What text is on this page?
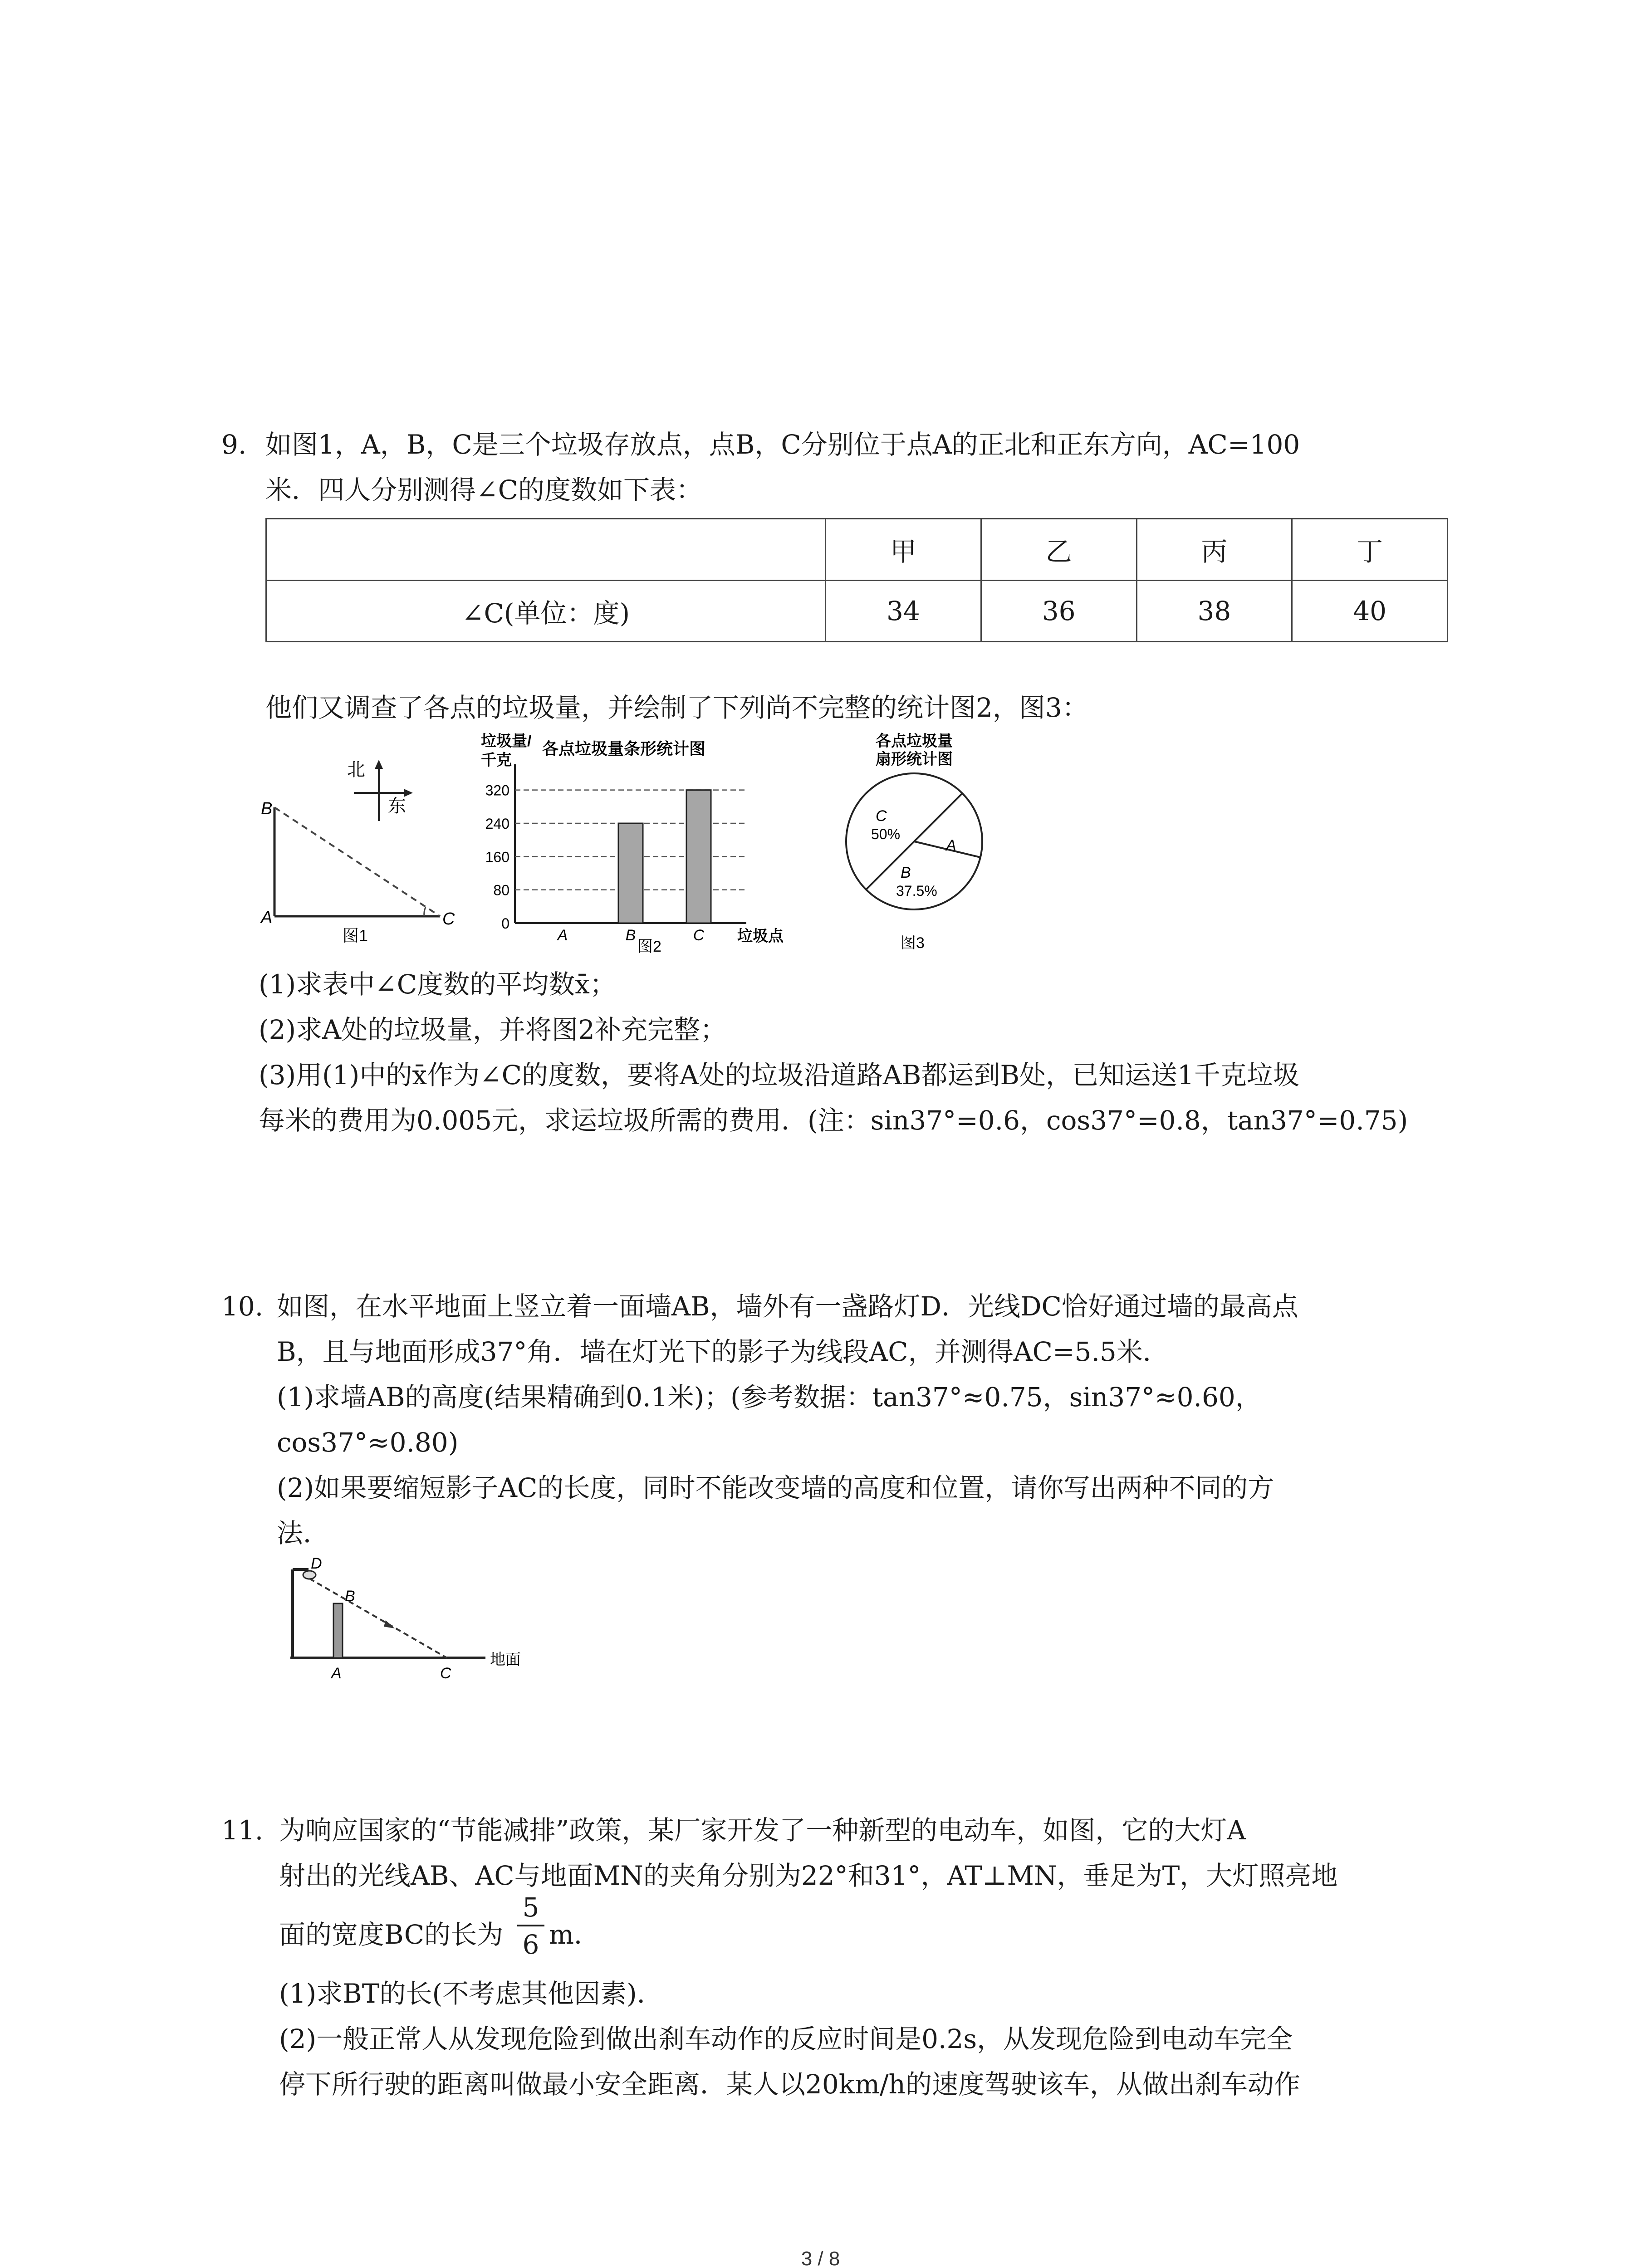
9. 如图1，A，B，C是三个垃圾存放点，点B，C分别位于点A的正北和正东方向，AC=100
米．四人分别测得∠C的度数如下表：
	甲	乙	丙	丁
∠C(单位：度)	34	36	38	40
他们又调查了各点的垃圾量，并绘制了下列尚不完整的统计图2，图3：
北
东
B
A	C
图1
垃圾量/
千克
各点垃圾量条形统计图
0
80
160
240
320
A	B	C 垃圾点
图2
各点垃圾量
扇形统计图
C
50%
A
B
37.5%
图3
(1)求表中∠C度数的平均数x̄；
(2)求A处的垃圾量，并将图2补充完整；
(3)用(1)中的x̄作为∠C的度数，要将A处的垃圾沿道路AB都运到B处，已知运送1千克垃圾
每米的费用为0.005元，求运垃圾所需的费用．(注：sin37°=0.6，cos37°=0.8，tan37°=0.75)
10. 如图，在水平地面上竖立着一面墙AB，墙外有一盏路灯D．光线DC恰好通过墙的最高点
B，且与地面形成37°角．墙在灯光下的影子为线段AC，并测得AC=5.5米．
(1)求墙AB的高度(结果精确到0.1米)；(参考数据：tan37°≈0.75，sin37°≈0.60，
cos37°≈0.80)
(2)如果要缩短影子AC的长度，同时不能改变墙的高度和位置，请你写出两种不同的方
法．
D
B
A	C
地面
11. 为响应国家的“节能减排”政策，某厂家开发了一种新型的电动车，如图，它的大灯A
射出的光线AB、AC与地面MN的夹角分别为22°和31°，AT⊥MN，垂足为T，大灯照亮地
面的宽度BC的长为
5
6 m．
(1)求BT的长(不考虑其他因素)．
(2)一般正常人从发现危险到做出刹车动作的反应时间是0.2s，从发现危险到电动车完全
停下所行驶的距离叫做最小安全距离．某人以20km/h的速度驾驶该车，从做出刹车动作
3 / 8
